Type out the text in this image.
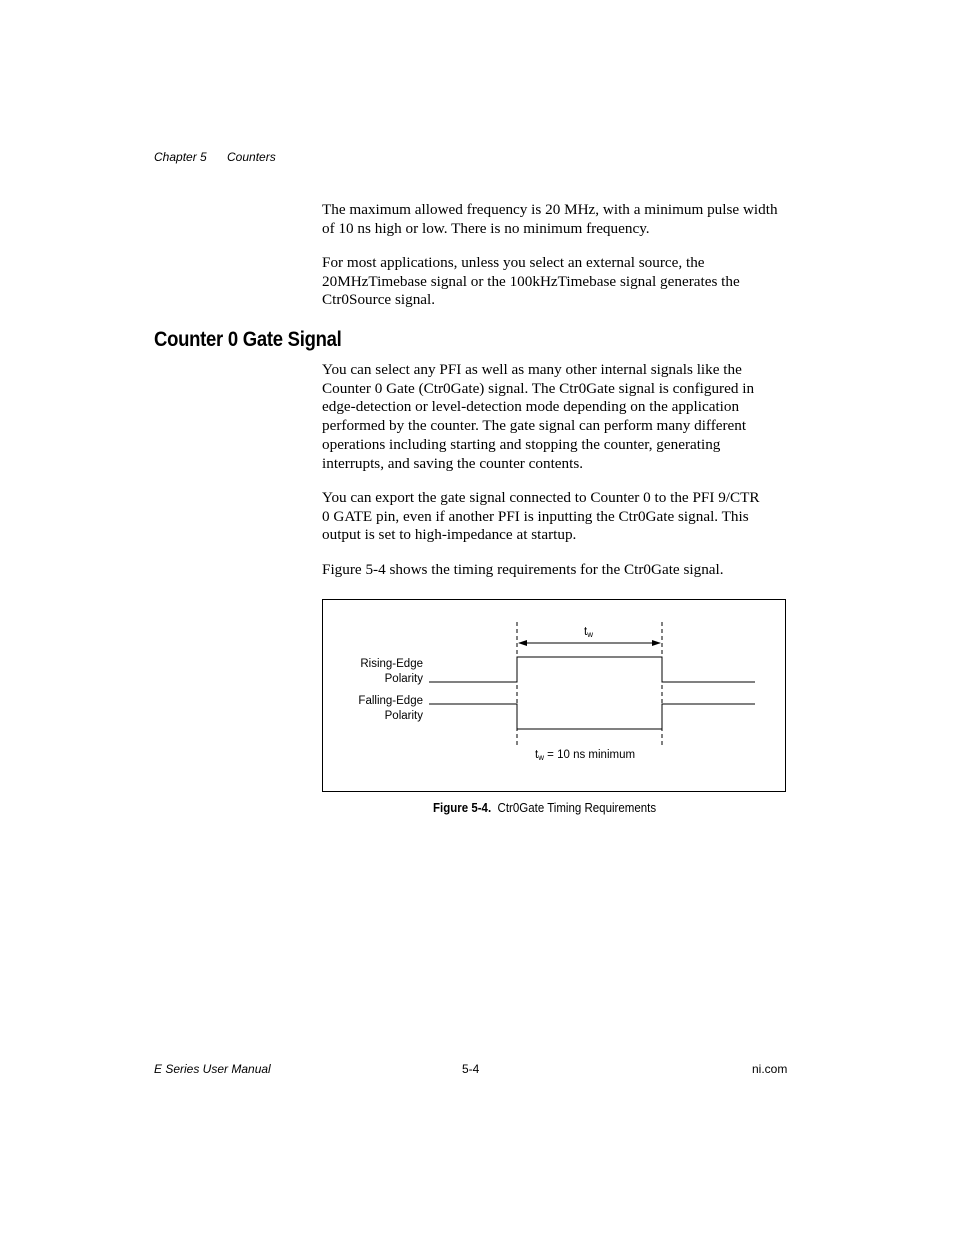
Chapter 5 Counters

The maximum allowed frequency is 20 MHz, with a minimum pulse width
of 10 ns high or low. There is no minimum frequency.

For most applications, unless you select an external source, the
20MHzTimebase signal or the 100kHzTimebase signal generates the
Ctr0Source signal.

Counter 0 Gate Signal

You can select any PFI as well as many other internal signals like the
Counter 0 Gate (Ctr0Gate) signal. The Ctr0Gate signal is configured in
edge-detection or level-detection mode depending on the application
performed by the counter. The gate signal can perform many different
operations including starting and stopping the counter, generating
interrupts, and saving the counter contents.

You can export the gate signal connected to Counter 0 to the PFI 9/CTR
0 GATE pin, even if another PFI is inputting the Ctr0Gate signal. This
output is set to high-impedance at startup.

Figure 5-4 shows the timing requirements for the Ctr0Gate signal.

$t_w$
Rising-Edge
Polarity
Falling-Edge
Polarity
$t_w = 10$ ns minimum
Figure 5-4. Ctr0Gate Timing Requirements
E Series User Manual	5-4	ni.com
